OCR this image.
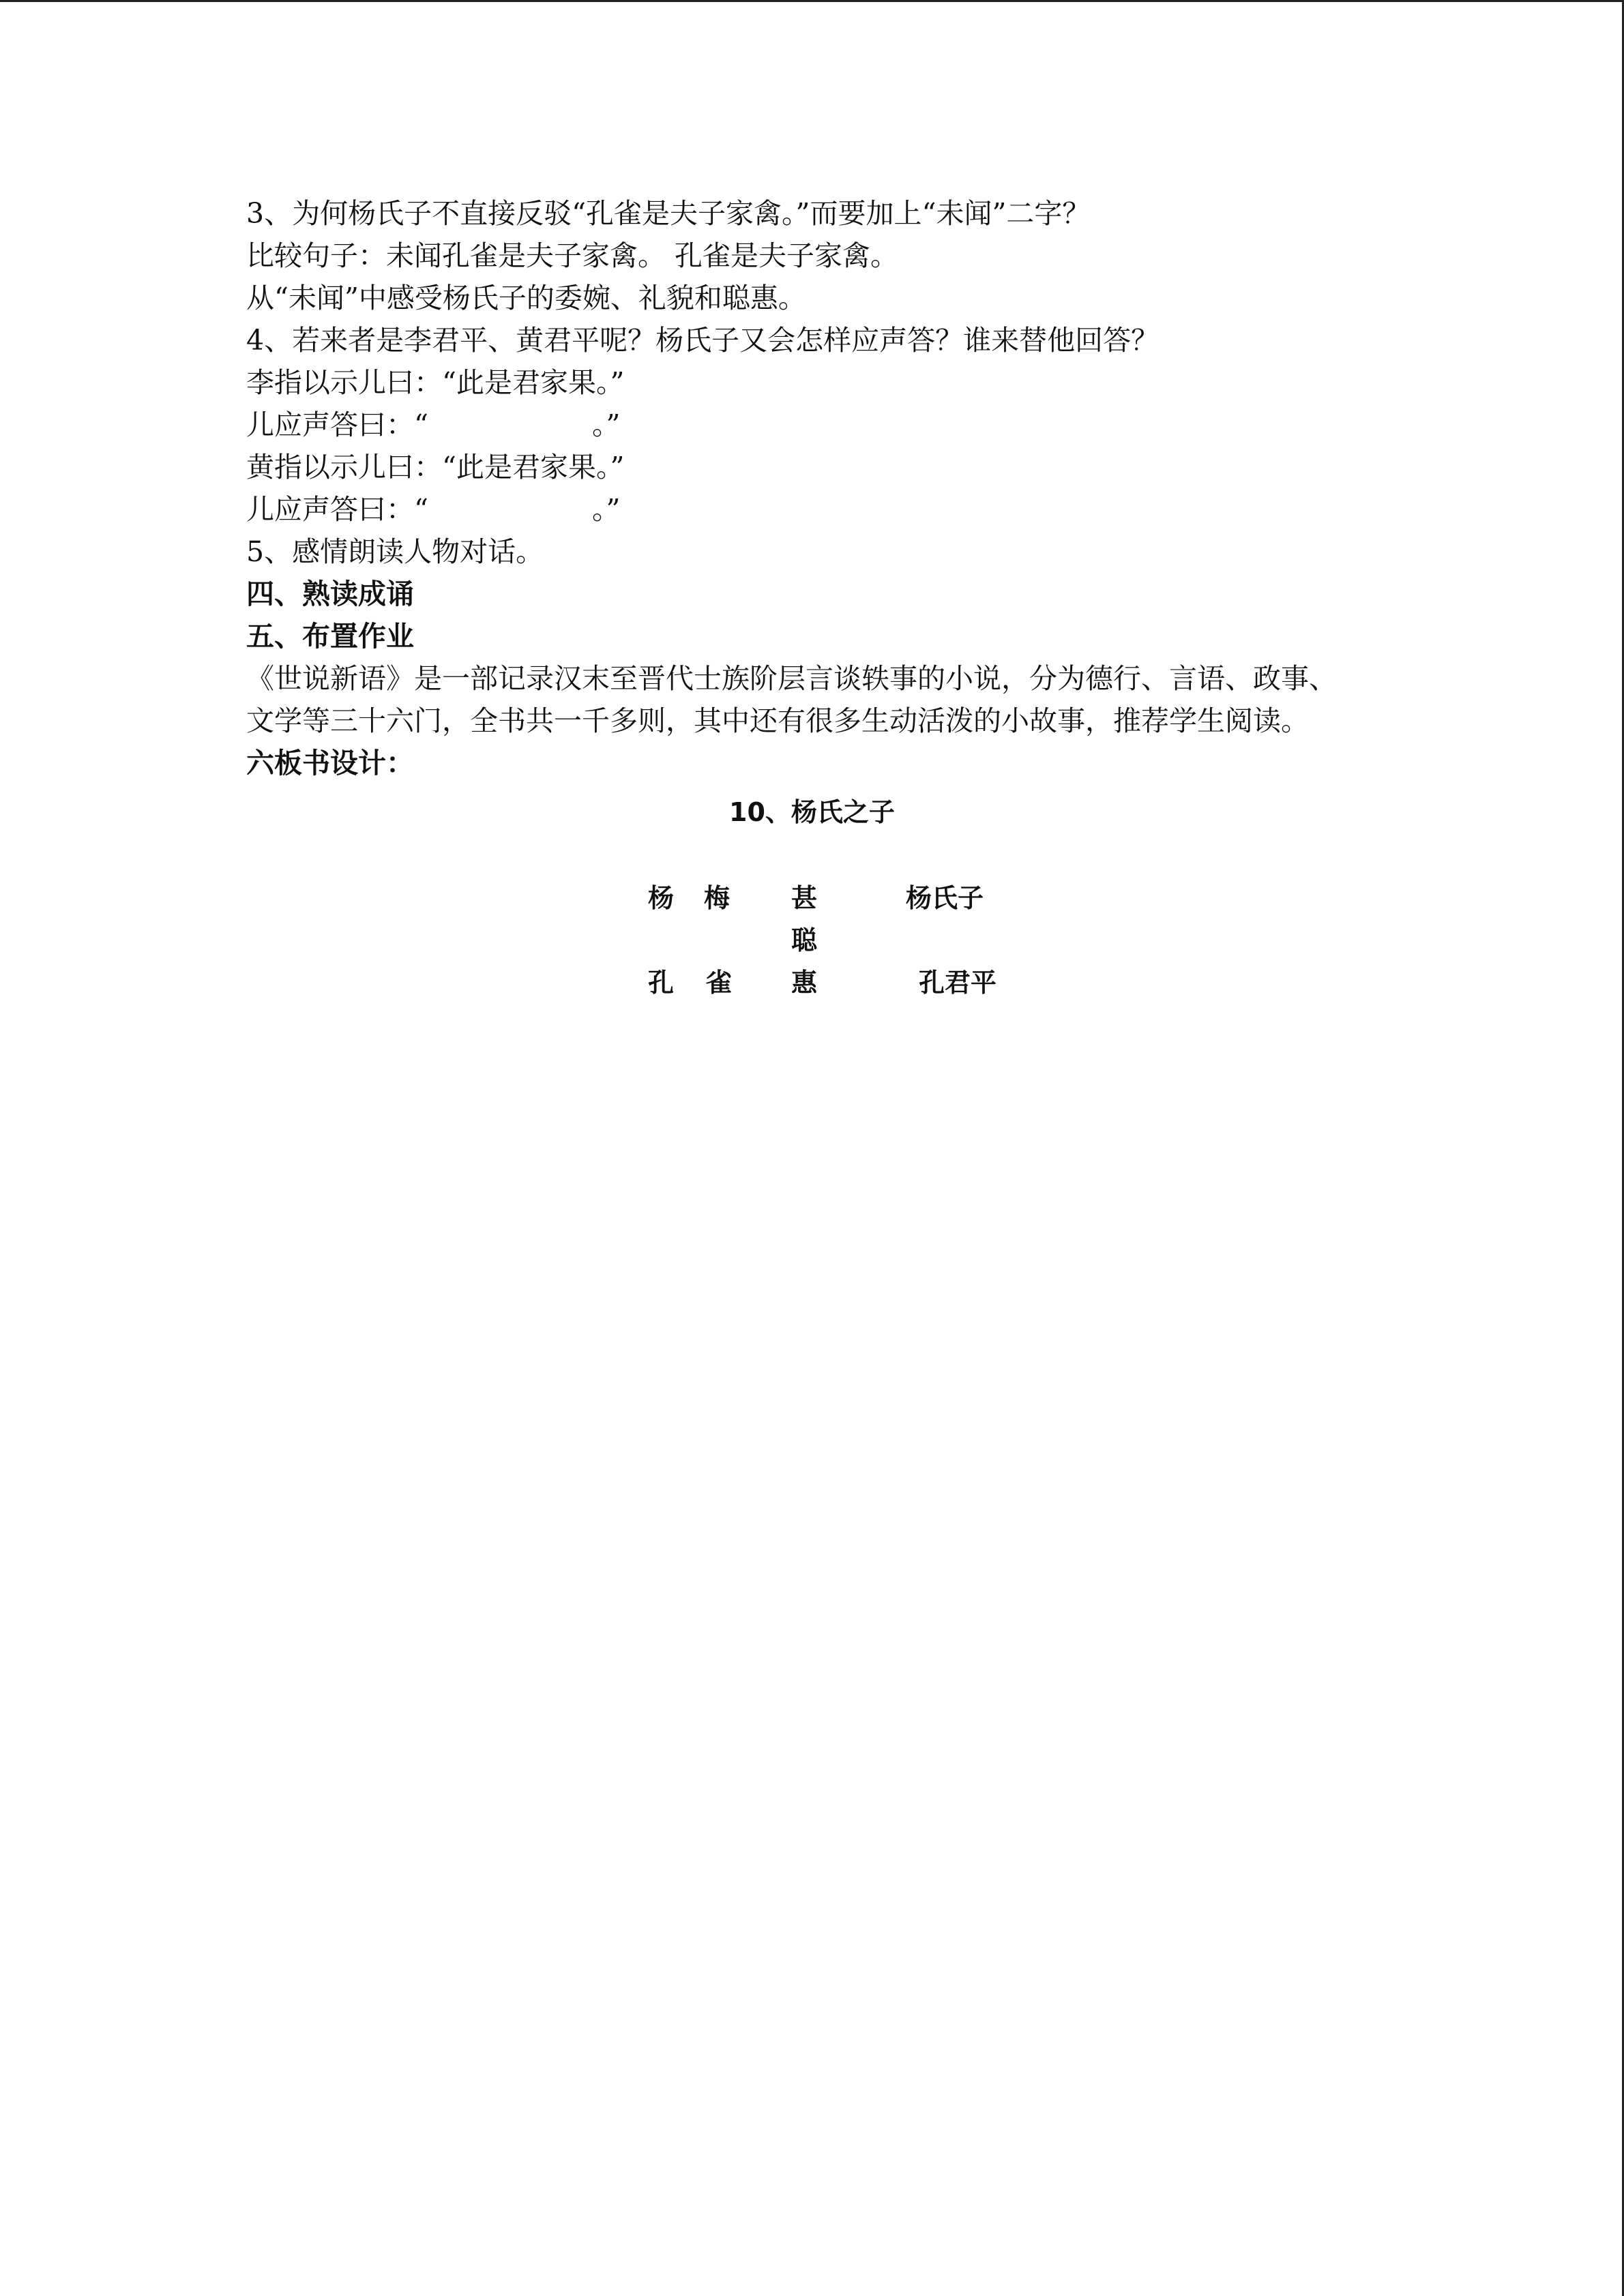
3、为何杨氏子不直接反驳“孔雀是夫子家禽。”而要加上“未闻”二字？
比较句子：未闻孔雀是夫子家禽。 孔雀是夫子家禽。
从“未闻”中感受杨氏子的委婉、礼貌和聪惠。
4、若来者是李君平、黄君平呢？杨氏子又会怎样应声答？谁来替他回答？
李指以示儿曰：“此是君家果。”
儿应声答曰：“	。”
黄指以示儿曰：“此是君家果。”
儿应声答曰：“	。”
5、感情朗读人物对话。
四、熟读成诵
五、布置作业
《世说新语》是一部记录汉末至晋代士族阶层言谈轶事的小说，分为德行、言语、政事、
文学等三十六门，全书共一千多则，其中还有很多生动活泼的小故事，推荐学生阅读。
六板书设计：
10、杨氏之子
杨 梅 甚	杨氏子
聪
孔 雀 惠	孔君平
